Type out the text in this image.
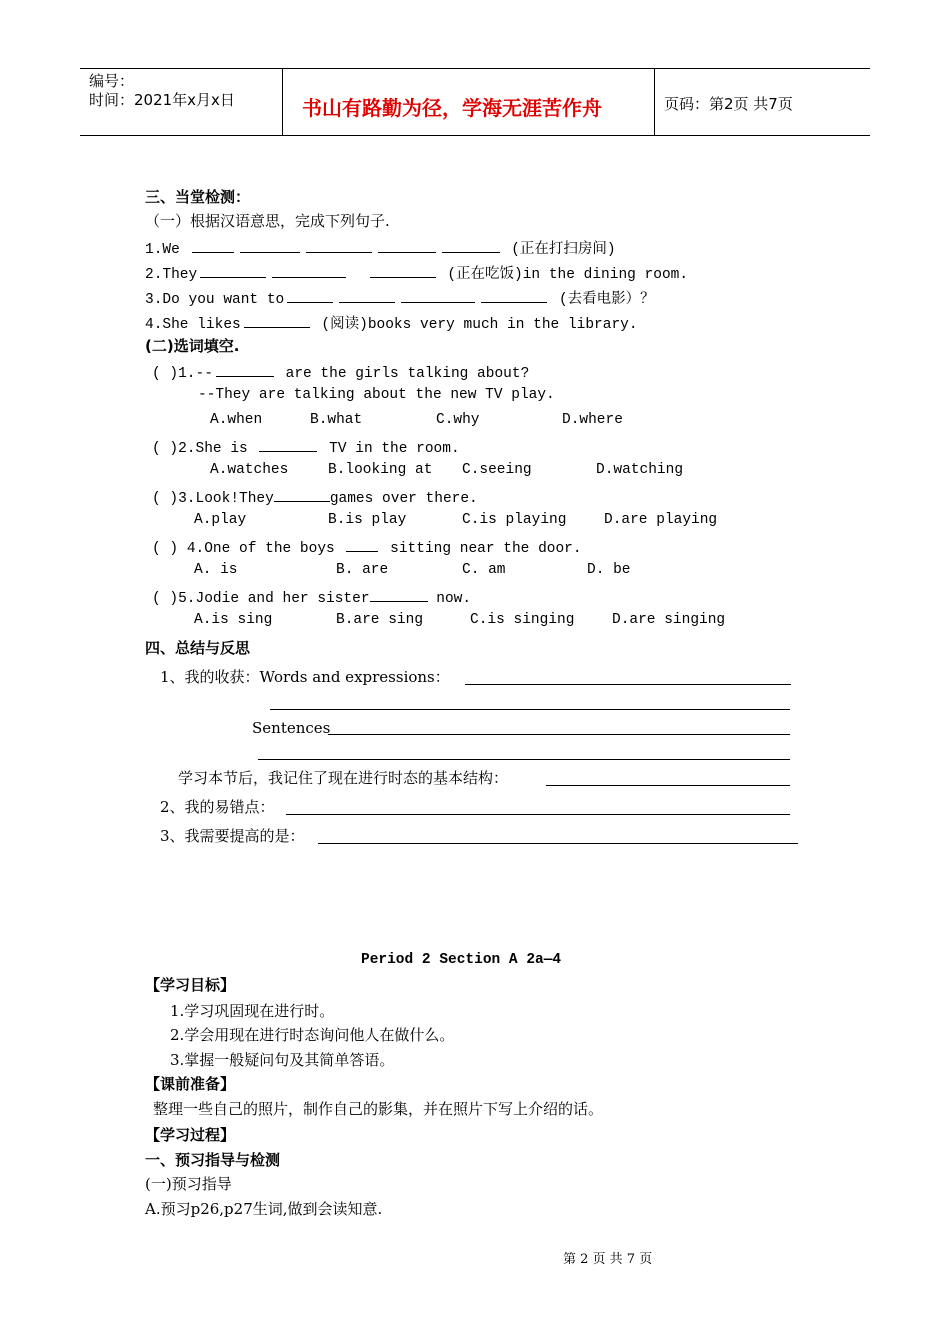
编号：
时间：2021年x月x日	书山有路勤为径，学海无涯苦作舟	页码：第2页 共7页
三、当堂检测：
（一）根据汉语意思，完成下列句子.
1.We	(正在打扫房间)
2.They	(正在吃饭)in the dining room.
3.Do you want to	(去看电影）？
4.She likes	(阅读)books very much in the library.
(二)选词填空.
( )1.--	are the girls talking about?
--They are talking about the new TV play.
A.when	B.what	C.why	D.where
( )2.She is	TV in the room.
A.watches	B.looking at C.seeing	D.watching
( )3.Look!They	games over there.
A.play	B.is play	C.is playing	D.are playing
( ) 4.One of the boys	sitting near the door.
A. is	B. are	C. am	D. be
( )5.Jodie and her sister	now.
A.is sing	B.are sing	C.is singing	D.are singing
四、总结与反思
1、我的收获：Words and expressions：
Sentences
学习本节后，我记住了现在进行时态的基本结构：
2、我的易错点：
3、我需要提高的是：
Period 2 Section A 2a—4
【学习目标】
1.学习巩固现在进行时。
2.学会用现在进行时态询问他人在做什么。
3.掌握一般疑问句及其简单答语。
【课前准备】
整理一些自己的照片，制作自己的影集，并在照片下写上介绍的话。
【学习过程】
一、预习指导与检测
(一)预习指导
A.预习p26,p27生词,做到会读知意.
第 2 页 共 7 页
